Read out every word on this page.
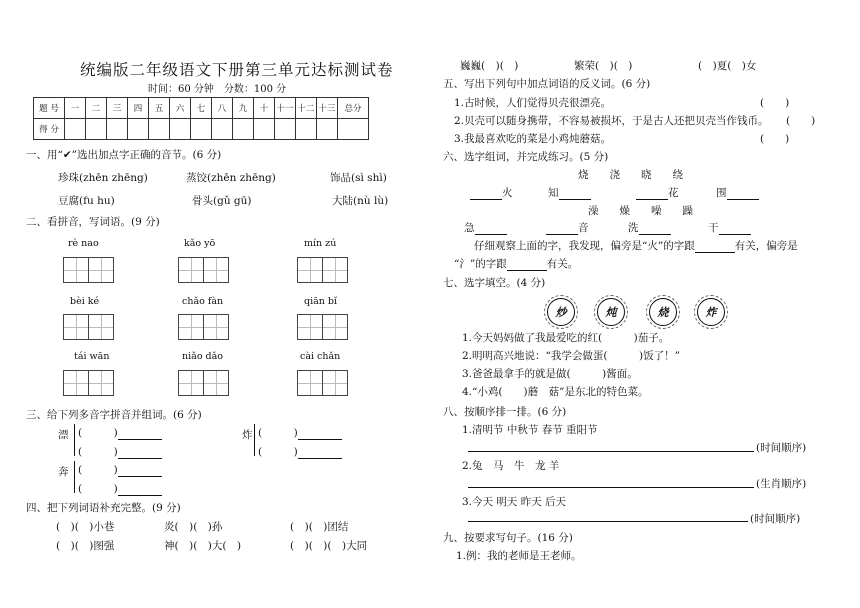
统编版二年级语文下册第三单元达标测试卷
时间：60 分钟　分数：100 分
题 号	一	二	三	四	五	六	七	八	九	十	十一	十二	十三	总分
得 分														
一、用“✔”选出加点字正确的音节。(6 分)
珍珠(zhēn zhēng)	蒸饺(zhēn zhēng)	饰品(sì shì)
豆腐(fu hu)	骨头(gǔ gū)	大陆(nù lù)
二、看拼音，写词语。(9 分)
rè nao	kǎo yō	mín zú
bèi ké	chǎo fàn	qiān bǐ
tái wān	niǎo dǎo	cài chǎn
三、给下列多音字拼音并组词。(6 分)
漂 (　　　)
(　　　)
炸 (　　　)
(　　　)
奔 (　　　)
(　　　)
四、把下列词语补充完整。(9 分)
(　)(　)小巷	炎(　)(　)孙	(　)(　)团结
(　)(　)图强	神(　)(　)大(　)	(　)(　)(　)大同
巍巍(　)(　)	繁荣(　)(　)	(　)夏(　)女
五、写出下列句中加点词语的反义词。(6 分)
1.古时候，人们觉得贝壳很漂亮。	(　　)
2.贝壳可以随身携带，不容易被损坏，于是古人还把贝壳当作钱币。 (　　)
3.我最喜欢吃的菜是小鸡炖蘑菇。	(　　)
六、选字组词，并完成练习。(5 分)
烧　　浇　　晓　　绕
火	知	花	围
澡　　燥　　噪　　躁
急	音	洗	干
仔细观察上面的字，我发现，偏旁是“火”的字跟	有关，偏旁是
“氵”的字跟	有关。
七、选字填空。(4 分)
炒	炖	烧	炸
1.今天妈妈做了我最爱吃的红(　　　)茄子。
2.明明高兴地说：“我学会做蛋(　　　)饭了！”
3.爸爸最拿手的就是做(　　　)酱面。
4.“小鸡(　　)蘑　菇”是东北的特色菜。
八、按顺序排一排。(6 分)
1.清明节 中秋节 春节 重阳节
(时间顺序)
2.兔　马　牛　龙 羊
(生肖顺序)
3.今天 明天 昨天 后天
(时间顺序)
九、按要求写句子。(16 分)
1.例：我的老师是王老师。
